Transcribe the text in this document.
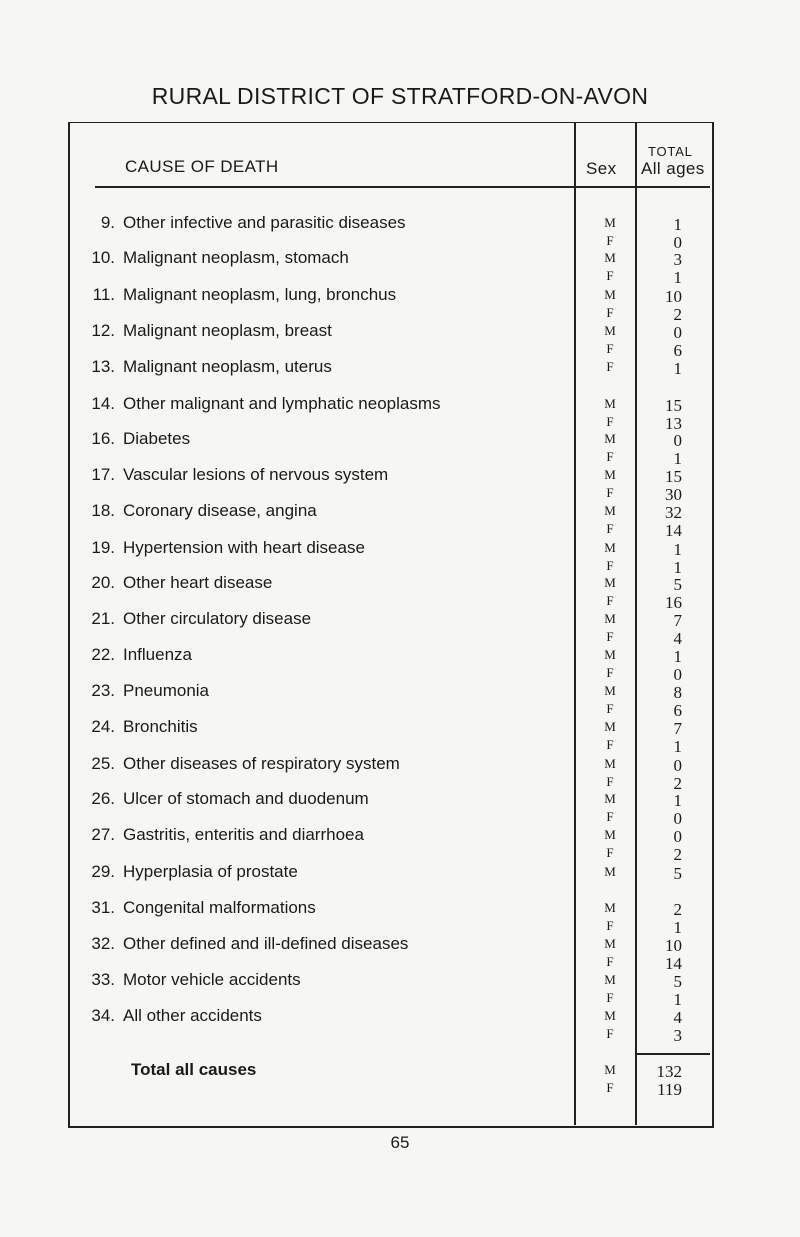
RURAL DISTRICT OF STRATFORD-ON-AVON
CAUSE OF DEATH	Sex
TOTAL
All ages
9. Other infective and parasitic diseases	M	1
F	0
10. Malignant neoplasm, stomach	M	3
F	1
11. Malignant neoplasm, lung, bronchus	M	10
F	2
12. Malignant neoplasm, breast	M	0
F	6
13. Malignant neoplasm, uterus	F	1
14. Other malignant and lymphatic neoplasms	M	15
F	13
16. Diabetes	M	0
F	1
17. Vascular lesions of nervous system	M	15
F	30
18. Coronary disease, angina	M	32
F	14
19. Hypertension with heart disease	M	1
F	1
20. Other heart disease	M	5
F	16
21. Other circulatory disease	M	7
F	4
22. Influenza	M	1
F	0
23. Pneumonia	M	8
F	6
24. Bronchitis	M	7
F	1
25. Other diseases of respiratory system	M	0
F	2
26. Ulcer of stomach and duodenum	M	1
F	0
27. Gastritis, enteritis and diarrhoea	M	0
F	2
29. Hyperplasia of prostate	M	5
31. Congenital malformations	M	2
F	1
32. Other defined and ill-defined diseases	M	10
F	14
33. Motor vehicle accidents	M	5
F	1
34. All other accidents	M	4
F	3
Total all causes	M	132
F	119
65
